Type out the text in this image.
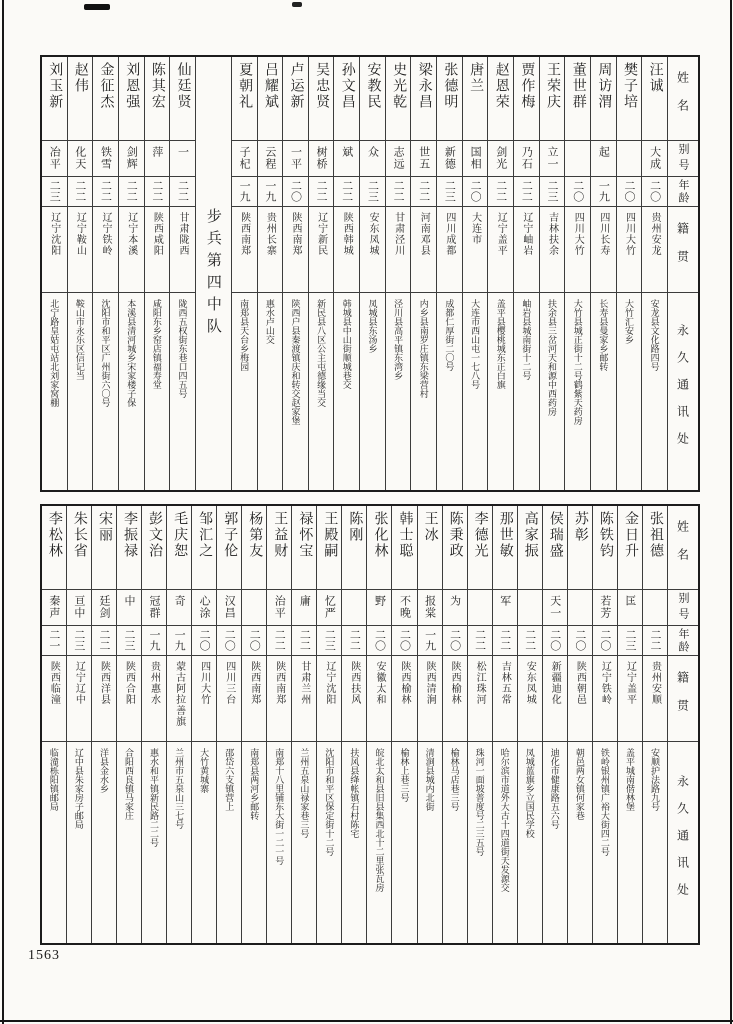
姓名
别号
年龄
籍贯
永久通讯处
汪诚
大成
二〇
贵州安龙
安龙县文化路四号
樊子培
二〇
四川大竹
大竹汇安乡
周访渭
起
一九
四川长寿
长寿县曼家乡邮转
董世群
二〇
四川大竹
大竹县城正街十二号鹤紫天药房
王荣庆
立一
二三
吉林扶余
扶余县三岔河天和源中西药房
贾作梅
乃石
二二
辽宁岫岩
岫岩县城南街十二号
赵恩荣
剑光
二二
辽宁盖平
盖平县樱桃城东正白旗
唐兰
国相
二〇
大连市
大连市西山屯一七八号
张德明
新德
二三
四川成都
成都仁厚街二〇号
梁永昌
世五
二二
河南邓县
内乡县南罗庄镇东梁营村
史光乾
志远
二二
甘肃泾川
泾川县高平镇东湾乡
安教民
众
二三
安东凤城
凤城县东汤乡
孙文昌
斌
二二
陕西韩城
韩城县中山街顺城巷交
吴忠贤
树桥
二二
辽宁新民
新民县八区公主屯德缘当交
卢运新
一平
二〇
陕西南郑
陕西户县秦渡镇庆和转交赵家堡
吕耀斌
云程
一九
贵州长寨
惠水卢山交
夏朝礼
子杞
一九
陕西南郑
南郑县天台乡梅园
步兵第四中队
仙廷贤
一
二二
甘肃陇西
陇西五权街东巷口四五号
陈其宏
萍
二二
陕西咸阳
咸阳东乡窑店镇福寿堂
刘恩强
剑辉
二二
辽宁本溪
本溪县清河城乡宋家楼子保
金征杰
铁雪
二二
辽宁铁岭
沈阳市和平区广州街六〇号
赵伟
化天
二二
辽宁鞍山
鞍山市永乐区信记当
刘玉新
冶平
二三
辽宁沈阳
北宁路皇姑屯站北刘家窝棚
姓名
别号
年龄
籍贯
永久通讯处
张祖德
二二
贵州安顺
安顺护法路九号
金日升
匡
二三
辽宁盖平
盖平城南偕林堡
陈铁钧
若芳
二〇
辽宁铁岭
铁岭银州镇广裕大街四二号
苏彰
二〇
陕西朝邑
朝邑两女镇何家巷
侯瑞盛
天一
二〇
新疆迪化
迪化市健康路五六号
高家振
二二
安东凤城
凤城蓝旗乡立国民学校
那世敏
军
二二
吉林五常
哈尔滨市道外大古十四道街天发源交
李德光
二二
松江珠河
珠河一面坡普度号二三五号
陈秉政
为
二〇
陕西榆林
榆林马店巷三号
王冰
报棠
一九
陕西清涧
清涧县城内北街
韩士聪
不晚
二〇
陕西榆林
榆林上巷三号
张化林
野
二〇
安徽太和
皖北太和县旧县集西北十二里张瓦房
陈刚
二二
陕西扶风
扶风县绛帐镇石村陈宅
王殿嗣
忆严
二三
辽宁沈阳
沈阳市和平区保定街十二号
禄怀宝
庸
二二
甘肃兰州
兰州五泉山禄家巷三号
王益财
治平
二二
陕西南郑
南郑十八里铺东大街一二一号
杨第友
二〇
陕西南郑
南郑县两河乡邮转
郭子伦
汉昌
二〇
四川三台
邵岱六支镇营上
邹汇之
心涂
二〇
四川大竹
大竹黄城寨
毛庆恕
奇
一九
蒙古阿拉善旗
兰州市五泉山三七号
彭文治
冠群
一九
贵州惠水
惠水和平镇新民路二二号
李振禄
中
二三
陕西合阳
合阳西良镇马家庄
宋丽
廷剑
二二
陕西洋县
洋县金水乡
朱长省
亘中
二三
辽宁辽中
辽中县朱家房子邮局
李松林
秦声
二一
陕西临潼
临潼栎阳镇邮局
1563
